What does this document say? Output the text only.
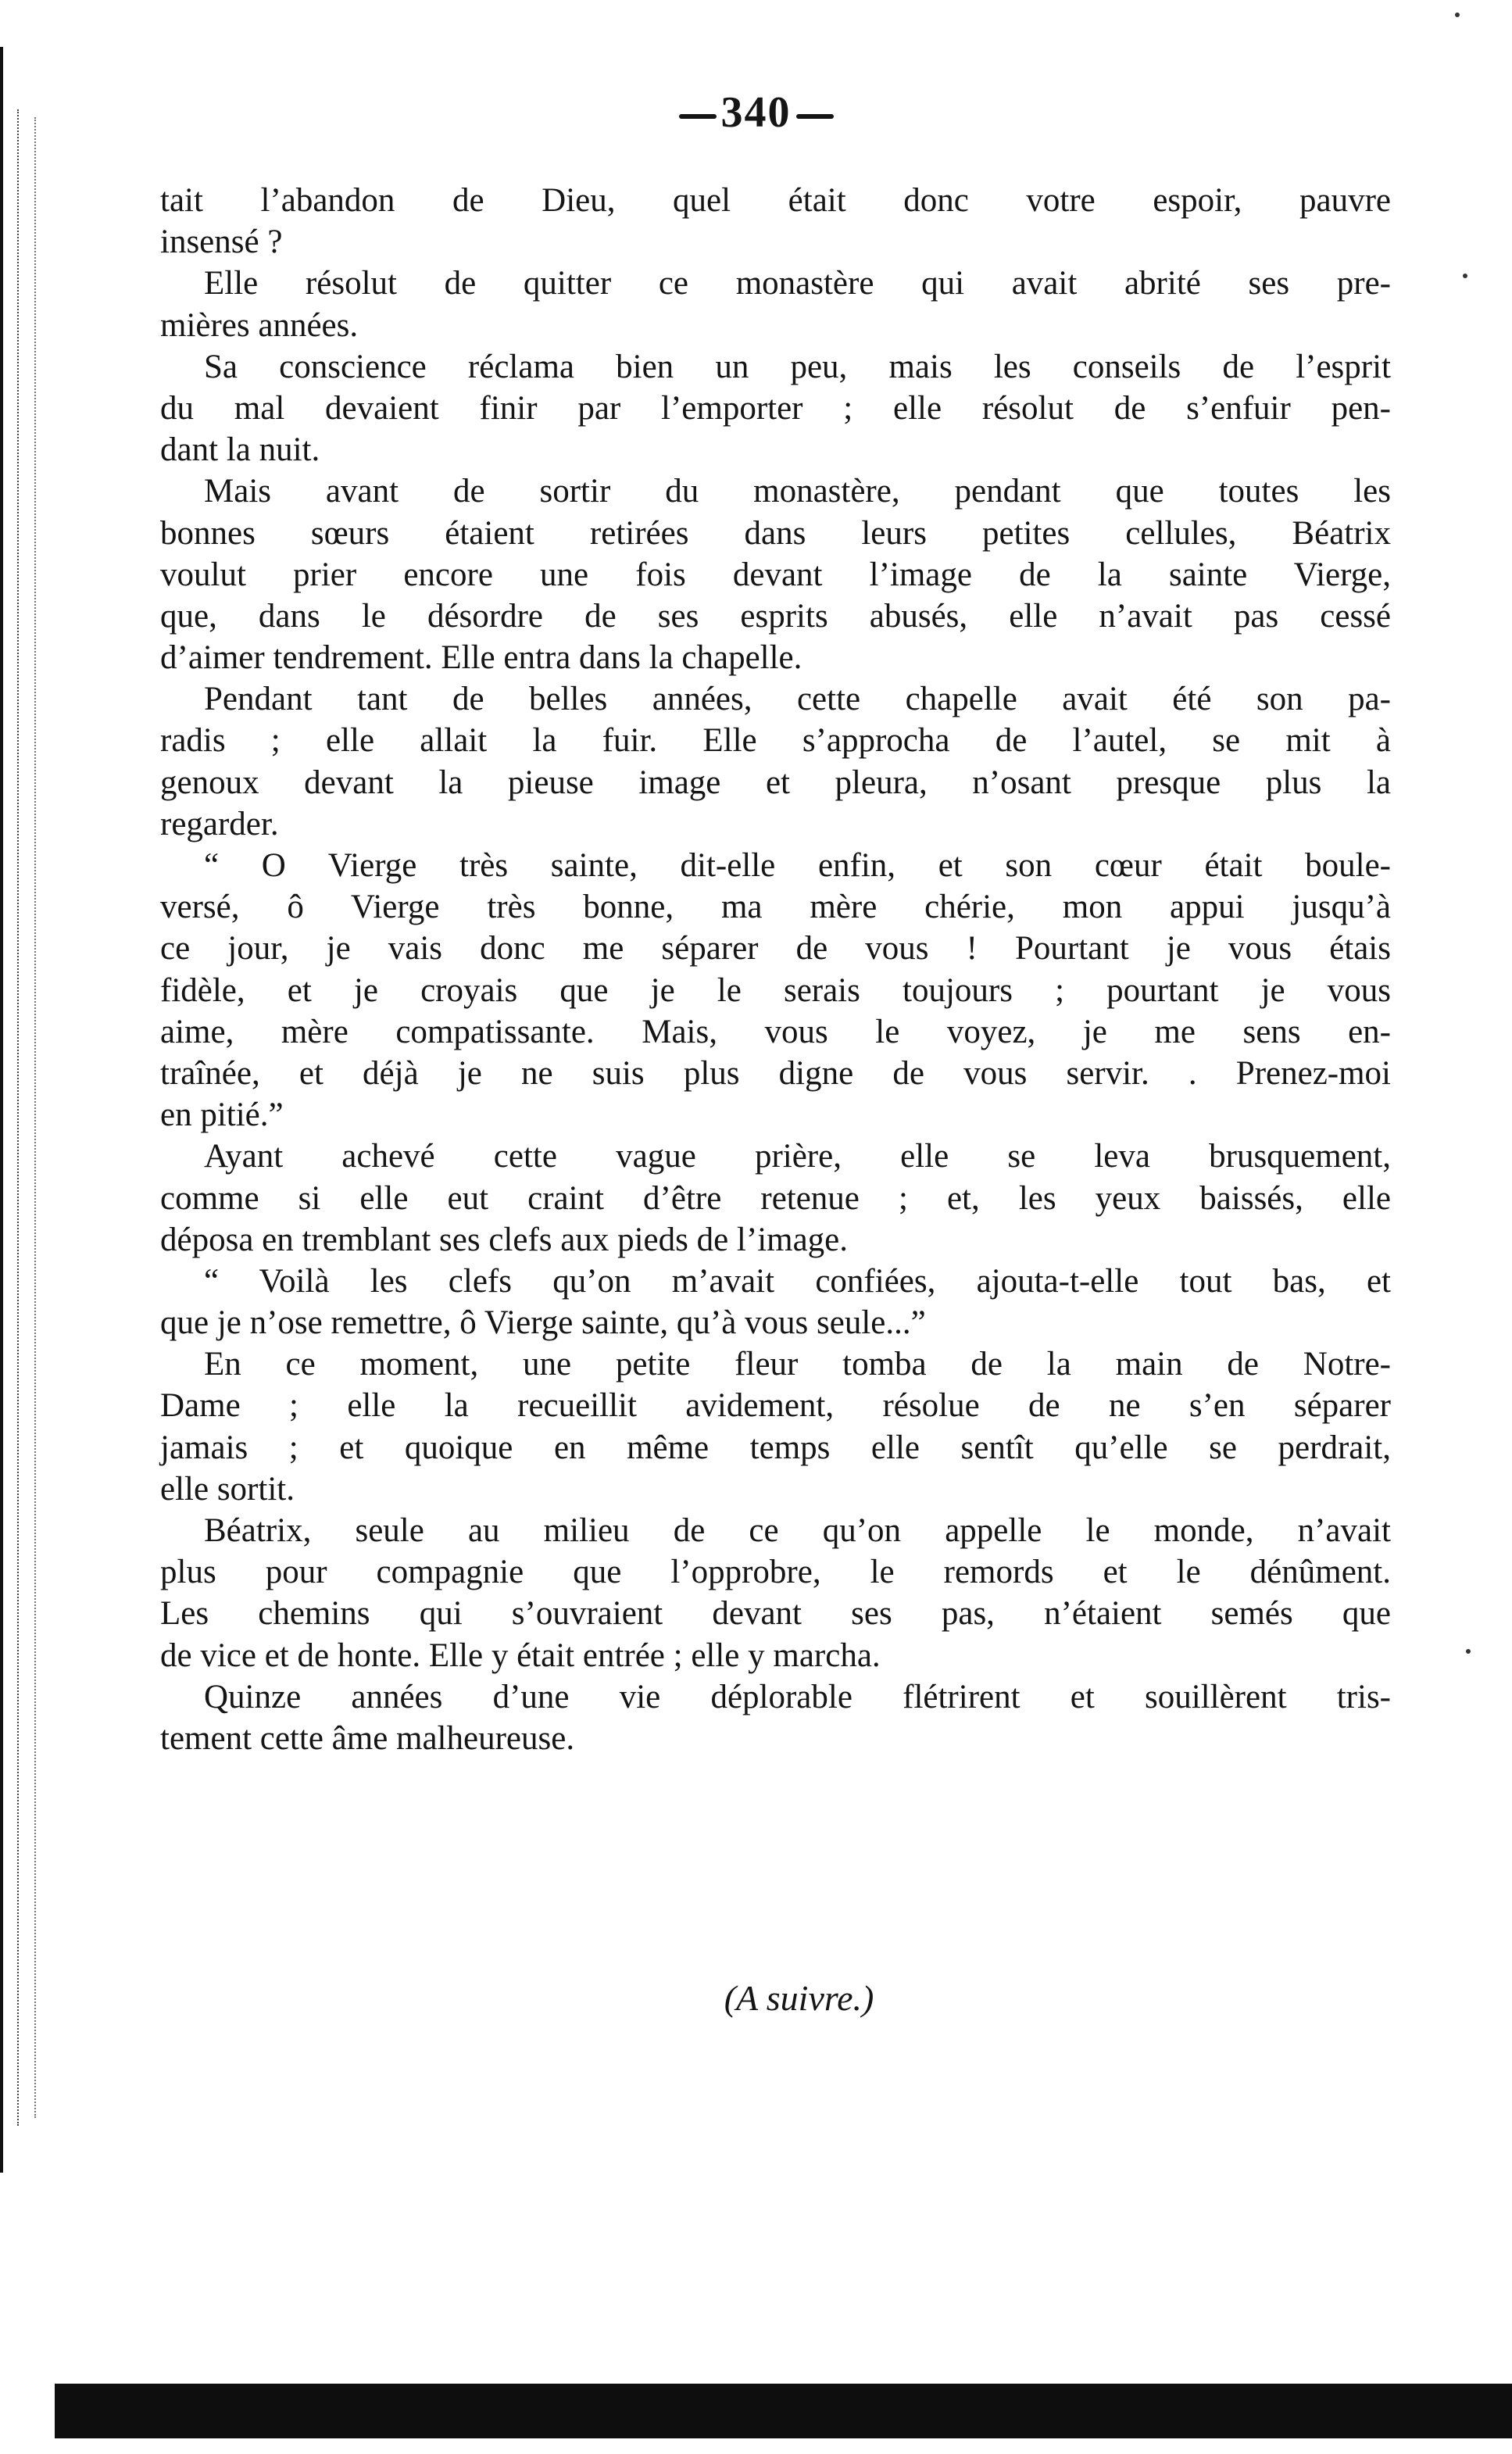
340
tait l’abandon de Dieu, quel était donc votre espoir, pauvre
insensé ?
Elle résolut de quitter ce monastère qui avait abrité ses pre-
mières années.
Sa conscience réclama bien un peu, mais les conseils de l’esprit
du mal devaient finir par l’emporter ; elle résolut de s’enfuir pen-
dant la nuit.
Mais avant de sortir du monastère, pendant que toutes les
bonnes sœurs étaient retirées dans leurs petites cellules, Béatrix
voulut prier encore une fois devant l’image de la sainte Vierge,
que, dans le désordre de ses esprits abusés, elle n’avait pas cessé
d’aimer tendrement. Elle entra dans la chapelle.
Pendant tant de belles années, cette chapelle avait été son pa-
radis ; elle allait la fuir. Elle s’approcha de l’autel, se mit à
genoux devant la pieuse image et pleura, n’osant presque plus la
regarder.
“ O Vierge très sainte, dit-elle enfin, et son cœur était boule-
versé, ô Vierge très bonne, ma mère chérie, mon appui jusqu’à
ce jour, je vais donc me séparer de vous ! Pourtant je vous étais
fidèle, et je croyais que je le serais toujours ; pourtant je vous
aime, mère compatissante. Mais, vous le voyez, je me sens en-
traînée, et déjà je ne suis plus digne de vous servir. . Prenez-moi
en pitié.”
Ayant achevé cette vague prière, elle se leva brusquement,
comme si elle eut craint d’être retenue ; et, les yeux baissés, elle
déposa en tremblant ses clefs aux pieds de l’image.
“ Voilà les clefs qu’on m’avait confiées, ajouta-t-elle tout bas, et
que je n’ose remettre, ô Vierge sainte, qu’à vous seule...”
En ce moment, une petite fleur tomba de la main de Notre-
Dame ; elle la recueillit avidement, résolue de ne s’en séparer
jamais ; et quoique en même temps elle sentît qu’elle se perdrait,
elle sortit.
Béatrix, seule au milieu de ce qu’on appelle le monde, n’avait
plus pour compagnie que l’opprobre, le remords et le dénûment.
Les chemins qui s’ouvraient devant ses pas, n’étaient semés que
de vice et de honte. Elle y était entrée ; elle y marcha.
Quinze années d’une vie déplorable flétrirent et souillèrent tris-
tement cette âme malheureuse.
(A suivre.)
